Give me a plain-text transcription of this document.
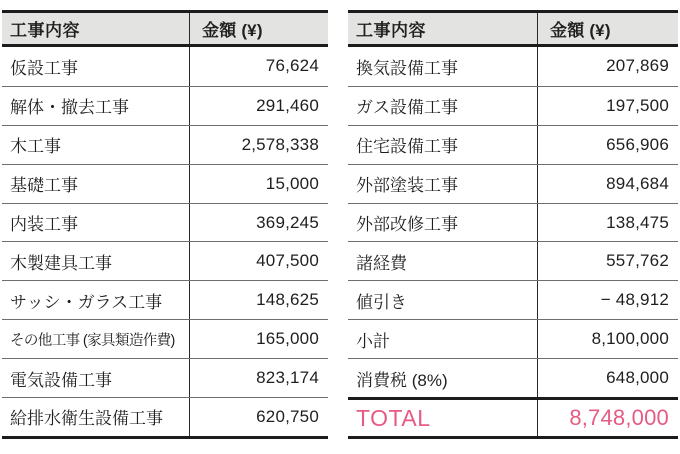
工事内容	金額 (¥)
仮設工事	76,624
解体・撤去工事	291,460
木工事	2,578,338
基礎工事	15,000
内装工事	369,245
木製建具工事	407,500
サッシ・ガラス工事	148,625
その他工事 (家具類造作費)	165,000
電気設備工事	823,174
給排水衛生設備工事	620,750
工事内容	金額 (¥)
換気設備工事	207,869
ガス設備工事	197,500
住宅設備工事	656,906
外部塗装工事	894,684
外部改修工事	138,475
諸経費	557,762
値引き	− 48,912
小計	8,100,000
消費税 (8%)	648,000
TOTAL	8,748,000
